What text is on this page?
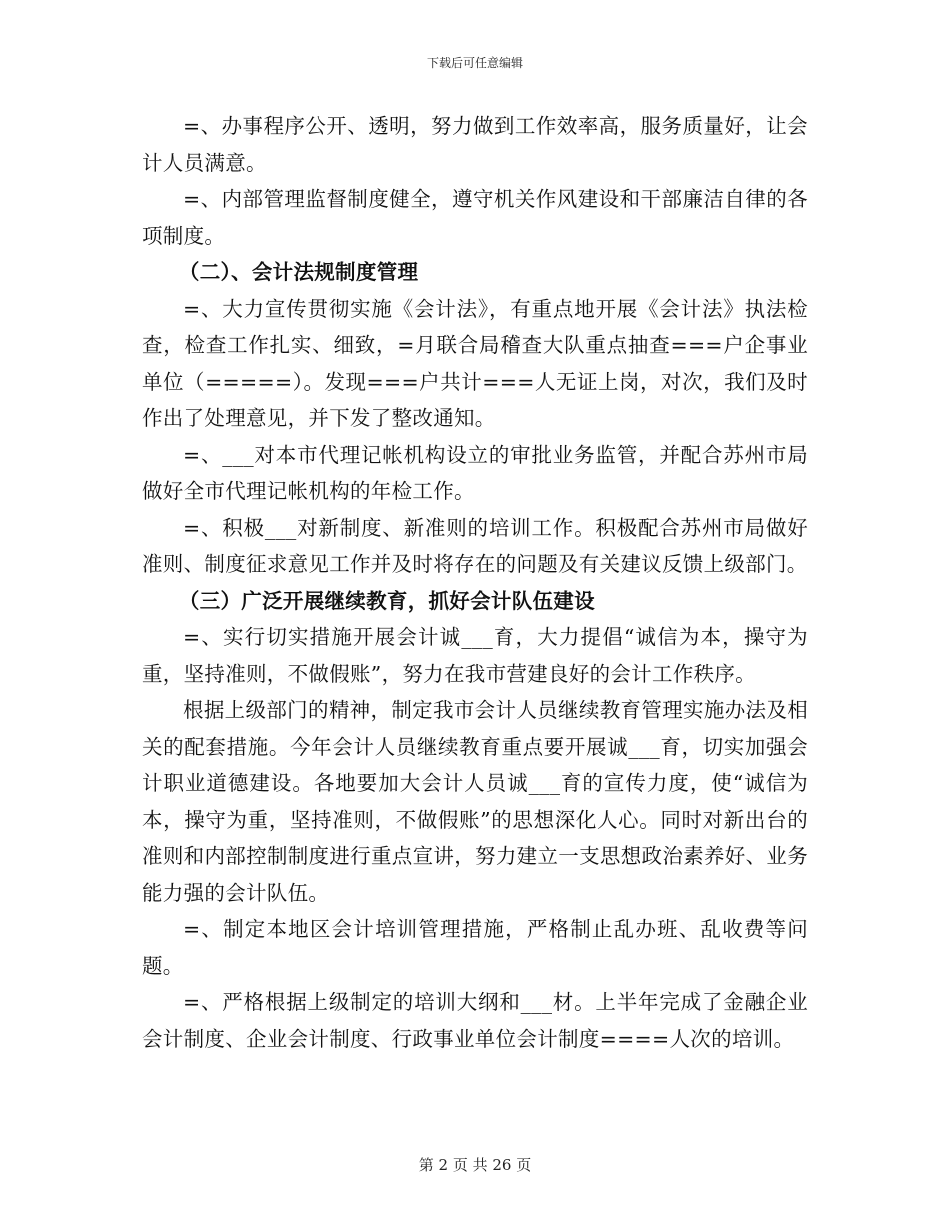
下载后可任意编辑

=、办事程序公开、透明，努力做到工作效率高，服务质量好，让会计人员满意。

=、内部管理监督制度健全，遵守机关作风建设和干部廉洁自律的各项制度。

（二）、会计法规制度管理

=、大力宣传贯彻实施《会计法》，有重点地开展《会计法》执法检查，检查工作扎实、细致，=月联合局稽查大队重点抽查===户企事业单位（=====）。发现===户共计===人无证上岗，对次，我们及时作出了处理意见，并下发了整改通知。

=、___对本市代理记帐机构设立的审批业务监管，并配合苏州市局做好全市代理记帐机构的年检工作。

=、积极___对新制度、新准则的培训工作。积极配合苏州市局做好准则、制度征求意见工作并及时将存在的问题及有关建议反馈上级部门。

（三）广泛开展继续教育，抓好会计队伍建设

=、实行切实措施开展会计诚___育，大力提倡“诚信为本，操守为重，坚持准则，不做假账”，努力在我市营建良好的会计工作秩序。

根据上级部门的精神，制定我市会计人员继续教育管理实施办法及相关的配套措施。今年会计人员继续教育重点要开展诚___育，切实加强会计职业道德建设。各地要加大会计人员诚___育的宣传力度，使“诚信为本，操守为重，坚持准则，不做假账”的思想深化人心。同时对新出台的准则和内部控制制度进行重点宣讲，努力建立一支思想政治素养好、业务能力强的会计队伍。

=、制定本地区会计培训管理措施，严格制止乱办班、乱收费等问题。

=、严格根据上级制定的培训大纲和___材。上半年完成了金融企业会计制度、企业会计制度、行政事业单位会计制度====人次的培训。

第 2 页 共 26 页
